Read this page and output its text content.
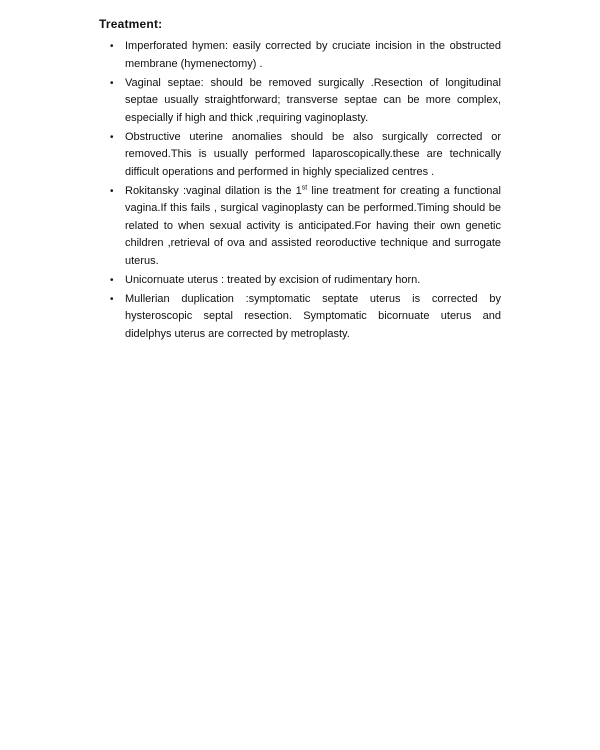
Treatment:
• Imperforated hymen: easily corrected by cruciate incision in the obstructed membrane (hymenectomy) .
• Vaginal septae: should be removed surgically .Resection of longitudinal septae usually straightforward; transverse septae can be more complex, especially if high and thick ,requiring vaginoplasty.
• Obstructive uterine anomalies should be also surgically corrected or removed.This is usually performed laparoscopically.these are technically difficult operations and performed in highly specialized centres .
• Rokitansky :vaginal dilation is the 1st line treatment for creating a functional vagina.If this fails , surgical vaginoplasty can be performed.Timing should be related to when sexual activity is anticipated.For having their own genetic children ,retrieval of ova and assisted reoroductive technique and surrogate uterus.
• Unicornuate uterus : treated by excision of rudimentary horn.
• Mullerian duplication :symptomatic septate uterus is corrected by hysteroscopic septal resection. Symptomatic bicornuate uterus and didelphys uterus are corrected by metroplasty.
